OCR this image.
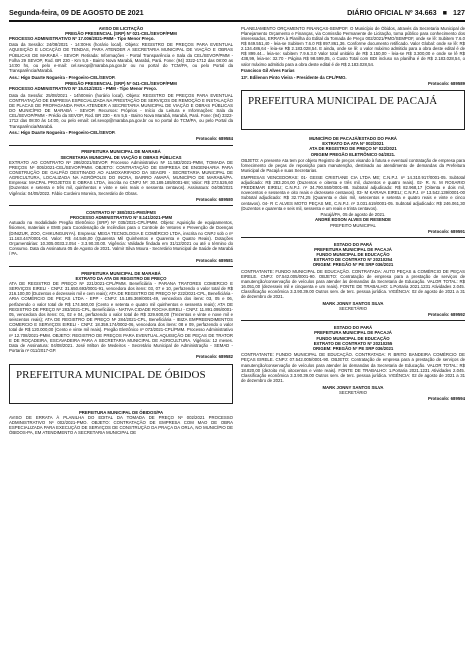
Segunda-feira, 09 DE AGOSTO DE 2021	DIÁRIO OFICIAL Nº 34.663 ■ 127
AVISO DE LICITAÇÃO
PREGÃO PRESENCIAL (SRP) Nº 021-CEL/SEVOP/PMM
PROCESSO ADMINISTRATIVO Nº 17.006/2021-PMM - Tipo Menor Preço.
Data da Sessão: 24/08/2021 - 14:00Hs (horário local). Objeto: REGISTRO DE PREÇOS PARA EVENTUAL AQUISIÇÃO E LOCAÇÃO DE TENDAS, PARA ATENDER A SECRETARIA MUNICIPAL DE VIAÇÃO E OBRAS PÚBLICAS DE MARABÁ - SEVOP. Retirada: Informações - Portal Transparência e Sala da CEL/SEVOP/PMM - Folha 29 SEVOP, Rod. BR 230 - Km 5,5 - Bairro Nova Marabá, Marabá, Pará. Fone: (94) 3322-1712 das 08:00 as 14:00 hs, ou pelo e-mail: cel.sevop@maraba.pa.gov.br ou no portal do TCM/PA, ou pelo Portal da Transparência/Marabá.
Ass.: Higo Duarte Nogueira - Pregoeiro-CEL/SEVOP.
PREGÃO PRESENCIAL (SRP) Nº 041-CEL/SEVOP/PMM
PROCESSO ADMINISTRATIVO Nº 15.012/2021 - PMM - Tipo Menor Preço.
Data da Sessão: 25/08/2021 - 14h00min (horário local). Objeto: REGISTRO DE PREÇOS PARA EVENTUAL CONTRATAÇÃO DE EMPRESA ESPECIALIZADA NA PRESTAÇÃO DE SERVIÇOS DE REMOÇÃO E INSTALAÇÃO DE PLACAS DE PROPAGANDA PARA ATENDER A SECRETARIA MUNICIPAL DE VIAÇÃO E OBRAS PÚBLICAS DO MUNICÍPIO DE MARABÁ - SEVOP. Recursos: Próprios - Início da Leitura e Informações: Sala da CEL/SEVOP/PMM - Prédio da SEVOP, Rod. BR 230 - Km 5,5 - Bairro Nova Marabá, Marabá, Pará. Fone: (94) 3322-1712 das 08:00 às 14:00, ou pelo email: cel.sevop@maraba.pa.gov.br ou no portal do TCM/PA, ou pelo Portal da Transparência/Marabá.
Ass.: Higo Duarte Nogueira - Pregoeiro-CEL/SEVOP.
Protocolo: 689584
PREFEITURA MUNICIPAL DE MARABÁ
SECRETARIA MUNICIPAL DE VIAÇÃO E OBRAS PÚBLICAS
EXTRATO AO CONTRATO Nº 286/2021/SEVOP. Processo Administrativo Nº 11.582/2021-PMM, TOMADA DE PREÇOS Nº 005/2021-CEL/SEVOP/PMM. OBJETO: CONTRATAÇÃO DE EMPRESA DE ENGENHARIA PARA CONSTRUÇÃO DE GALPÃO DESTINADO AO ALMOXARIFADO DA SEAGRI - SECRETARIA MUNICIPAL DE AGRICULTURA, LOCALIZADA NA AGRÓPOLIS DO INCRA, BAIRRO AMAPÁ, MUNICÍPIO DE MARABÁ/PA. Empresa: MACPAL PROJETOS E OBRAS LTDA, inscrita no CNPJ Nº: 30.189.185/0001-68; Valor: R$ 273.526,60 (Duzentos e setenta e três mil, quinhentos e vinte e seis reais e sessenta centavos). Assinatura: 04/08/2021 Vigência: 04/05/2022. Fábio Cordeiro Moreira, Secretário de Obras.
Protocolo: 689580
CONTRATO Nº 380/2021-PMS/FMS
PROCESSO ADMINISTRATIVO Nº 8.141/2021-PMM
Autuado na modalidade Pregão Eletrônico (SRP) Nº 035/2021-CPL/PMM. Objeto: Aquisição de equipamentos, fisiomes, materiais e EMS para Coordenação de Incêndios para o Controle de Vetores e Prevenção de Doenças (DINIZUR, ZOO, CHIKUNGUNYA). Empresa: MEGA TECNOLOGIA E COMÉRCIO LTDA, inscrita no CNPJ sob o nº 11.163.447/0001-04. Valor: R$ 44.546,00 (Quarenta Mil Quinhentos e Quarenta e Quatro Reais). Dotações Orçamentárias: 10.305.0033.2.054 - 3.3.90.30.00. Vigência: Validade findada em 31/12/2021 ou até o término do Consumo. Data da Assinatura 05 de Agosto de 2021. Valmir Silva Moura - Secretário Municipal de Saúde de Marabá / PA.
Protocolo: 689581
PREFEITURA MUNICIPAL DE MARABÁ
EXTRATO DA ATA DE REGISTRO DE PREÇO
ATA DE REGISTRO DE PREÇO Nº 221/2021-CPL/PMM. Beneficiária - PARANA TRATORES COMERCIO E SERVIÇOS EIRELI - CNPJ: 31.650.693/0001-91, vencedora dos itens: 03, 07 e 10, perfazendo o valor total de R$ 216.100,00 (Duzentos e dezesseis mil e cem reais); ATA DE REGISTRO DE PREÇO Nº 222/2021-CPL, Beneficiária - ARIA COMÉRCIO DE PEÇAS LTDA - EPP - CNPJ: 15.185.369/0001-49, vencedora dos itens: 03, 05 e 06, perfazendo o valor total de R$ 174.560,00 (Cento e setenta e quatro mil quinhentos e sessenta reais); ATA DE REGISTRO DE PREÇO Nº 283/2021-CPL, Beneficiária - NATIVA CIDADE ROCHA EIRELI - CNPJ: 11.891.095/0001-05, vencedora dos itens: 01, 02 e 04, perfazendo o valor total de R$ 329.600,00 (Trezentos e vinte e nove mil e seiscentos reais); ATA DE REGISTRO DE PREÇO Nº 284/2021-CPL, Beneficiária - IBIZA EMPREENDIMENTOS COMERCIO E SERVIÇOS EIRELI - CNPJ: 18.359.174/0002-06, vencedora dos itens: 08 e 09, perfazendo o valor total de R$ 120.000,00 (Cento e vinte mil reais). Pregão Eletrônico nº 073/2021-CPL/PMM. Processo Administrativo nº 12.708/2021-PMM. OBJETO: REGISTRO DE PREÇOS PARA EVENTUAL AQUISIÇÃO DE PEÇAS DE TRATOR E DE ROÇADEIRA, ESCAVADEIRA PARA A SECRETARIA MUNICIPAL DE AGRICULTURA. Vigência: 12 meses. Data de Assinatura: 04/08/2021. José Milton de Medeiros - Secretário Municipal de Administração - SEMAD - Portaria nº 011/2017-GP.
Protocolo: 689582
PREFEITURA MUNICIPAL DE ÓBIDOS
PREFEITURA MUNICIPAL DE ÓBIDOS/PA
AVISO DE ERRATA À PLANILHA DO EDITAL DA TOMADA DE PREÇO Nº 002/2021 PROCESSO ADMINISTRATIVO Nº 002/2021-PMO. OBJETO: CONTRATAÇÃO DE EMPRESA COM MAO DE OBRA ESPECIALIZADA PARA EXECUÇÃO DE SERVIÇOS DE CONSTRUÇÃO DA PRAÇA DA ORLA, NO MUNICÍPIO DE ÓBIDOS-PA, EM ATENDIMENTO A SECRETARIA MUNICIPAL DE
PLANEJAMENTO ORÇAMENTO FINANÇAS-SEMPOF. O Município de Óbidos, através da Secretaria Municipal de Planejamento Orçamento e Finanças, via Comissão Permanente de Licitação, torna público para conhecimento dos interessados, ERRATA à Planilha do Edital da Tomada de Preço 002/2021/PMO/SEMPOF, onde se lê: Subitem 7.6.0 R$ 849.551,40 - leia-se Subitem 7.6.0 R$ 897.861,36. Conforme documento retificado. Valor Global: onde se lê: R$ 2.134.486,64 - leia-se R$ 2.183.028,54. E ainda, onde se lê: o valor máximo admitido para a obra deste edital é de R$ 899.44... leia-se: subitem 7.9.6.3.0 Valor total unitário de R$ 3.150,00 - leia-se R$ 3.300,00 e onde se lê R$ 438,99, leia-se: 32.70 - Página R$ 98.599,05, o Custo Total com BDI incluso na planilha é de R$ 2.183.028,54, o valor máximo admitido para a obra deste edital é de R$ 2.183.028,54.
Francisco Gil Alves Farias
13º. Edilenon Pinto Vieira - Presidente da CPL/PMO.
Protocolo: 689589
PREFEITURA MUNICIPAL DE PACAJÁ
MUNICÍPIO DE PACAJÁ/ESTADO DO PARÁ
EXTRATO DA ATA Nº 002/2021
ATA DE REGISTRO DE PREÇO Nº 022/2021
ORIGEM PREGÃO ELETRÔNICO 04/2021.
OBJETO: A presente Ata tem por objeto Registro de preços visando à futura e eventual contratação de empresa para fornecimento de peças de reposição para manutenção, destinado ao atendimento de demandas da Prefeitura Municipal de Pacajá e suas Secretarias.
EMPRESAS VENCEDORAS: 01- GEISE CRISTIANE CIA LTDA ME; C.N.P.J. nº 14.310.917/0001-05. Subtotal adjudicado: R$ 283.204,00 (Duzentos e oitenta e três mil, duzentos e quatro reais). 02- R. N. M ROSARIO FREDEMAR EIRELI; C.N.P.J. nº 34.790.550/0001-88. Subtotal adjudicado: R$ 82.968,17 (Oitenta e dois mil, novecentos e sessenta e oito reais e dezessete centavos). 03- M KARAVA EIRELI; C.N.P.J. nº 13.542.139/0001-00 Subtotal adjudicado: R$ 32.774,25 (Quarenta e dois mil, setecentos e setenta e quatro reais e vinte e cinco centavos). 04- R C ALVES MOTO PEÇAS ME, C.N.P.J. nº 3.031.619/0001-05. Subtotal adjudicado: R$ 246.061,30 (Duzentos e quarenta e seis mil, sessenta e um reais e trinta centavos).
Pacajá/PA, 05 de agosto de 2021.
ANDRÉ EDSON ALVES DE RESENDE
PREFEITO MUNICIPAL
Protocolo: 689591
ESTADO DO PARÁ
PREFEITURA MUNICIPAL DE PACAJÁ
FUNDO MUNICIPAL DE EDUCAÇÃO
EXTRATO DE CONTRATO Nº 20210254
ORIGEM: PREGÃO Nº PE SRP 036/2021
CONTRATANTE: FUNDO MUNICIPAL DE EDUCAÇÃO. CONTRATADA: AUTO PEÇAS & COMÉRCIO DE PEÇAS EIRELE. CNPJ: 07.542.005/0001-90. OBJETO: Contratação de empresa para a prestação de serviços de manutenção/conservação de veículos para atender às demandas da Secretaria de Educação. VALOR TOTAL: R$ 16.051,00 (dezesseis mil e cinquenta e um reais). FONTE DE TRABALHO: 1.Portaria 2021.1231 Atividades 2.045. Classificação econômica 3.3.90.39.00 Outros serv. de terc. pessoa jurídica. VIGÊNCIA: 02 de agosto de 2021 a 31 de dezembro de 2021.
MARK JONNY SANTOS SILVA
SECRETÁRIO
Protocolo: 689592
ESTADO DO PARÁ
PREFEITURA MUNICIPAL DE PACAJÁ
FUNDO MUNICIPAL DE EDUCAÇÃO
EXTRATO DE CONTRATO Nº 20210255
ORIGEM: PREGÃO Nº PE SRP 036/2021
CONTRATANTE: FUNDO MUNICIPAL DE EDUCAÇÃO. CONTRATADA: R BRITO BANDEIRA COMÉRCIO DE PEÇAS EIRELE. CNPJ: 07.542.005/0001-90. OBJETO: Contratação de empresa para a prestação de serviços de manutenção/conservação de veículos para atender às demandas da Secretaria de Educação. VALOR TOTAL: R$ 18.820,00 (dezoito mil, oitocentos e vinte reais). FONTE DE TRABALHO: 1.Portaria 2021.1231 Atividades 2.045. Classificação econômica 3.3.90.39.00 Outros serv. de terc. pessoa jurídica. VIGÊNCIA: 02 de agosto de 2021 a 31 de dezembro de 2021.
MARK JONNY SANTOS SILVA
SECRETÁRIO
Protocolo: 689594
